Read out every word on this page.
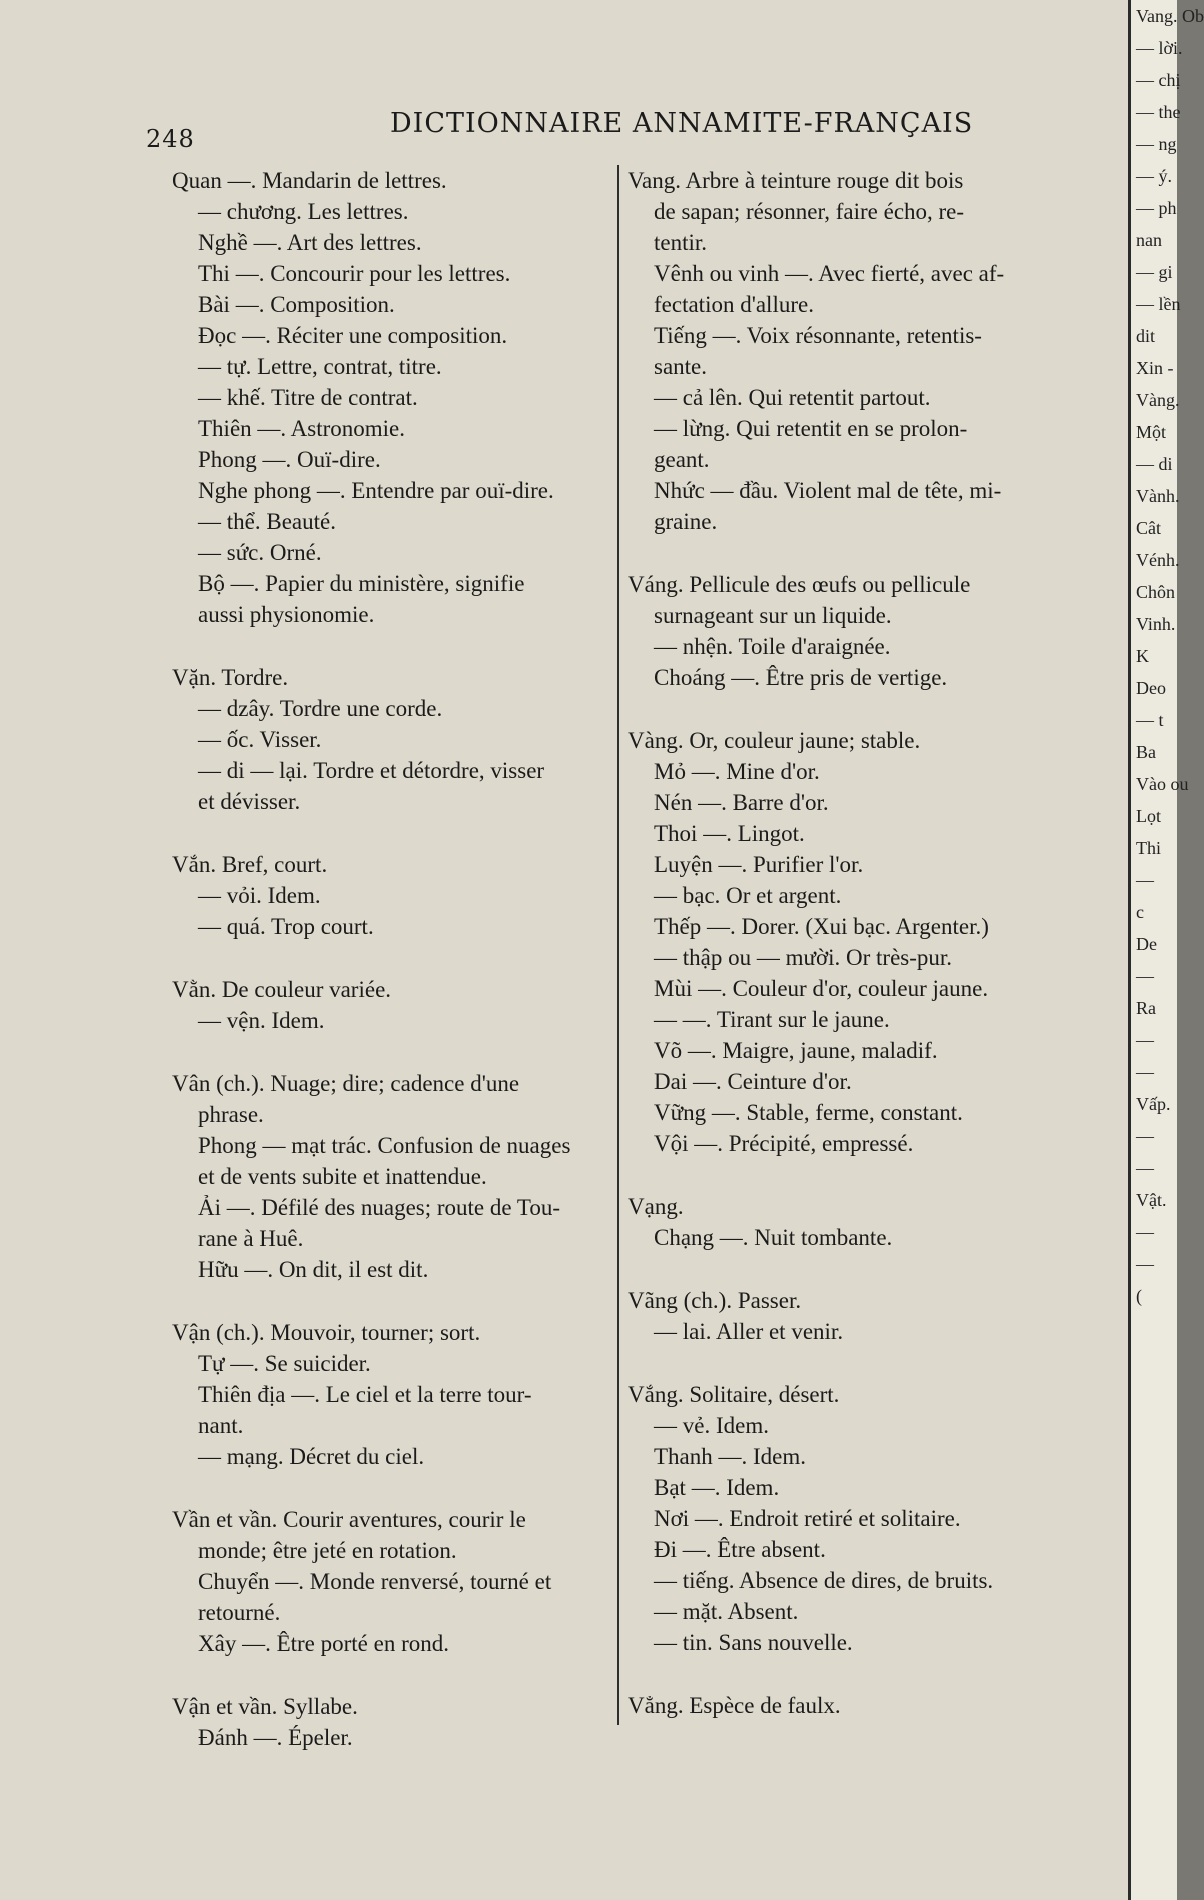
248	DICTIONNAIRE ANNAMITE-FRANÇAIS
Quan —. Mandarin de lettres.
— chương. Les lettres.
Nghề —. Art des lettres.
Thi —. Concourir pour les lettres.
Bài —. Composition.
Đọc —. Réciter une composition.
— tự. Lettre, contrat, titre.
— khế. Titre de contrat.
Thiên —. Astronomie.
Phong —. Ouï-dire.
Nghe phong —. Entendre par ouï-dire.
— thể. Beauté.
— sức. Orné.
Bộ —. Papier du ministère, signifie
aussi physionomie.
Vặn. Tordre.
— dzây. Tordre une corde.
— ốc. Visser.
— di — lại. Tordre et détordre, visser
et dévisser.
Vắn. Bref, court.
— vỏi. Idem.
— quá. Trop court.
Vằn. De couleur variée.
— vện. Idem.
Vân (ch.). Nuage; dire; cadence d'une
phrase.
Phong — mạt trác. Confusion de nuages
et de vents subite et inattendue.
Ải —. Défilé des nuages; route de Tou-
rane à Huê.
Hữu —. On dit, il est dit.
Vận (ch.). Mouvoir, tourner; sort.
Tự —. Se suicider.
Thiên địa —. Le ciel et la terre tour-
nant.
— mạng. Décret du ciel.
Vần et vần. Courir aventures, courir le
monde; être jeté en rotation.
Chuyển —. Monde renversé, tourné et
retourné.
Xây —. Être porté en rond.
Vận et vần. Syllabe.
Đánh —. Épeler.
Vang. Arbre à teinture rouge dit bois
de sapan; résonner, faire écho, re-
tentir.
Vênh ou vinh —. Avec fierté, avec af-
fectation d'allure.
Tiếng —. Voix résonnante, retentis-
sante.
— cả lên. Qui retentit partout.
— lừng. Qui retentit en se prolon-
geant.
Nhức — đầu. Violent mal de tête, mi-
graine.
Váng. Pellicule des œufs ou pellicule
surnageant sur un liquide.
— nhện. Toile d'araignée.
Choáng —. Être pris de vertige.
Vàng. Or, couleur jaune; stable.
Mỏ —. Mine d'or.
Nén —. Barre d'or.
Thoi —. Lingot.
Luyện —. Purifier l'or.
— bạc. Or et argent.
Thếp —. Dorer. (Xui bạc. Argenter.)
— thập ou — mười. Or très-pur.
Mùi —. Couleur d'or, couleur jaune.
— —. Tirant sur le jaune.
Võ —. Maigre, jaune, maladif.
Dai —. Ceinture d'or.
Vững —. Stable, ferme, constant.
Vội —. Précipité, empressé.
Vạng.
Chạng —. Nuit tombante.
Vãng (ch.). Passer.
— lai. Aller et venir.
Vắng. Solitaire, désert.
— vẻ. Idem.
Thanh —. Idem.
Bạt —. Idem.
Nơi —. Endroit retiré et solitaire.
Đi —. Être absent.
— tiếng. Absence de dires, de bruits.
— mặt. Absent.
— tin. Sans nouvelle.
Vẳng. Espèce de faulx.
Vang. Ob
— lời.
— chị
— the
— ng
— ý.
— ph
nan
— gi
— lền
dit
Xin -
Vàng.
Một
— di
Vành.
Cât
Vénh.
Chôn
Vinh.
K
Deo
— t
Ba
Vào ou
Lọt
Thi
—
c
De
—
Ra
—
—
Vấp.
—
—
Vật.
—
—
(
